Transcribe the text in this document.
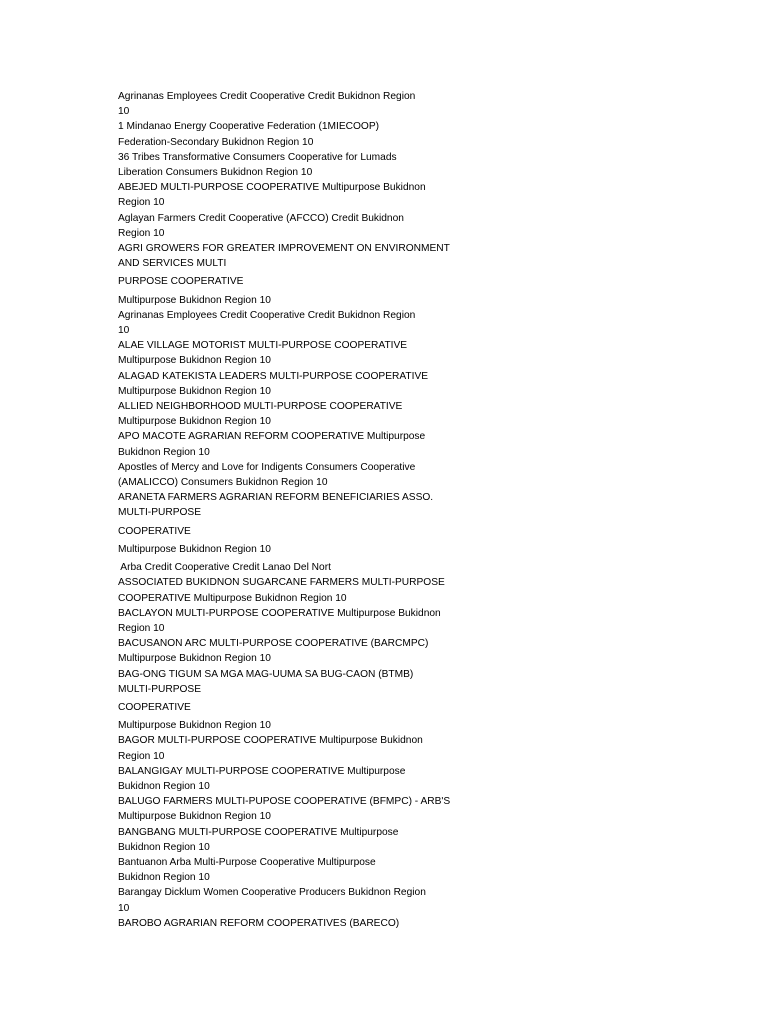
Agrinanas Employees Credit Cooperative Credit Bukidnon Region
10
1 Mindanao Energy Cooperative Federation (1MIECOOP)
Federation-Secondary Bukidnon Region 10
36 Tribes Transformative Consumers Cooperative for Lumads
Liberation Consumers Bukidnon Region 10
ABEJED MULTI-PURPOSE COOPERATIVE Multipurpose Bukidnon
Region 10
Aglayan Farmers Credit Cooperative (AFCCO) Credit Bukidnon
Region 10
AGRI GROWERS FOR GREATER IMPROVEMENT ON ENVIRONMENT
AND SERVICES MULTI
PURPOSE COOPERATIVE
Multipurpose Bukidnon Region 10
Agrinanas Employees Credit Cooperative Credit Bukidnon Region
10
ALAE VILLAGE MOTORIST MULTI-PURPOSE COOPERATIVE
Multipurpose Bukidnon Region 10
ALAGAD KATEKISTA LEADERS MULTI-PURPOSE COOPERATIVE
Multipurpose Bukidnon Region 10
ALLIED NEIGHBORHOOD MULTI-PURPOSE COOPERATIVE
Multipurpose Bukidnon Region 10
APO MACOTE AGRARIAN REFORM COOPERATIVE Multipurpose
Bukidnon Region 10
Apostles of Mercy and Love for Indigents Consumers Cooperative
(AMALICCO) Consumers Bukidnon Region 10
ARANETA FARMERS AGRARIAN REFORM BENEFICIARIES ASSO.
MULTI-PURPOSE
COOPERATIVE
Multipurpose Bukidnon Region 10
Arba Credit Cooperative Credit Lanao Del Nort
ASSOCIATED BUKIDNON SUGARCANE FARMERS MULTI-PURPOSE
COOPERATIVE Multipurpose Bukidnon Region 10
BACLAYON MULTI-PURPOSE COOPERATIVE Multipurpose Bukidnon
Region 10
BACUSANON ARC MULTI-PURPOSE COOPERATIVE (BARCMPC)
Multipurpose Bukidnon Region 10
BAG-ONG TIGUM SA MGA MAG-UUMA SA BUG-CAON (BTMB)
MULTI-PURPOSE
COOPERATIVE
Multipurpose Bukidnon Region 10
BAGOR MULTI-PURPOSE COOPERATIVE Multipurpose Bukidnon
Region 10
BALANGIGAY MULTI-PURPOSE COOPERATIVE Multipurpose
Bukidnon Region 10
BALUGO FARMERS MULTI-PUPOSE COOPERATIVE (BFMPC) - ARB'S
Multipurpose Bukidnon Region 10
BANGBANG MULTI-PURPOSE COOPERATIVE Multipurpose
Bukidnon Region 10
Bantuanon Arba Multi-Purpose Cooperative Multipurpose
Bukidnon Region 10
Barangay Dicklum Women Cooperative Producers Bukidnon Region
10
BAROBO AGRARIAN REFORM COOPERATIVES (BARECO)
